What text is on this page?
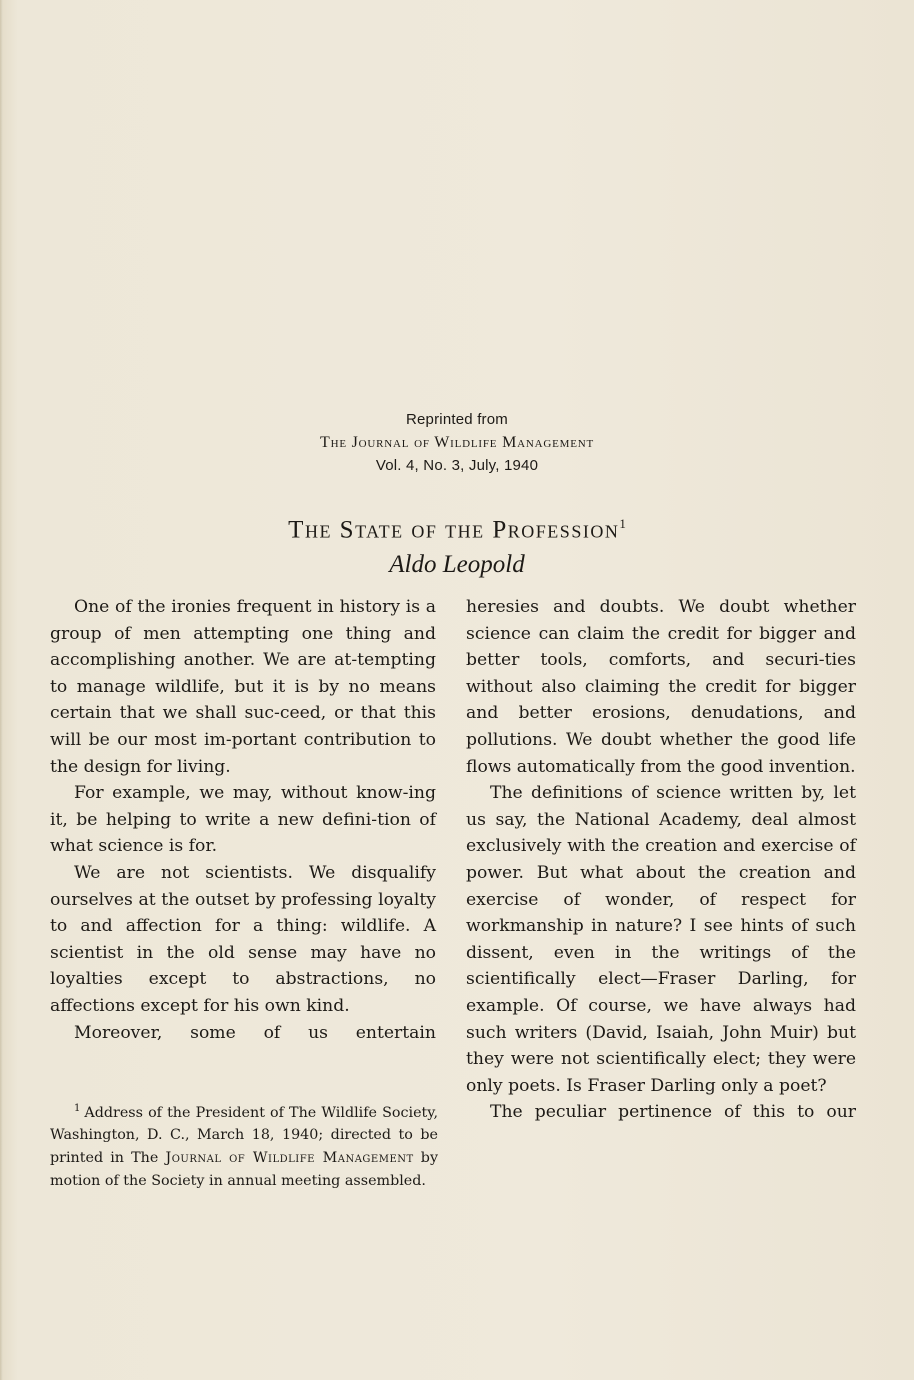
Reprinted from
The Journal of Wildlife Management
Vol. 4, No. 3, July, 1940
The State of the Profession$^1$
Aldo Leopold

One of the ironies frequent in history is a group of men attempting one thing and accomplishing another. We are at-tempting to manage wildlife, but it is by no means certain that we shall suc-ceed, or that this will be our most im-portant contribution to the design for living.

For example, we may, without know-ing it, be helping to write a new defini-tion of what science is for.

We are not scientists. We disqualify ourselves at the outset by professing loyalty to and affection for a thing: wildlife. A scientist in the old sense may have no loyalties except to abstractions, no affections except for his own kind.

Moreover, some of us entertain

heresies and doubts. We doubt whether science can claim the credit for bigger and better tools, comforts, and securi-ties without also claiming the credit for bigger and better erosions, denudations, and pollutions. We doubt whether the good life flows automatically from the good invention.

The definitions of science written by, let us say, the National Academy, deal almost exclusively with the creation and exercise of power. But what about the creation and exercise of wonder, of respect for workmanship in nature? I see hints of such dissent, even in the writings of the scientifically elect—Fraser Darling, for example. Of course, we have always had such writers (David, Isaiah, John Muir) but they were not scientifically elect; they were only poets. Is Fraser Darling only a poet?

The peculiar pertinence of this to our

$^1$ Address of the President of The Wildlife Society, Washington, D. C., March 18, 1940; directed to be printed in The Journal of Wildlife Management by motion of the Society in annual meeting assembled.
